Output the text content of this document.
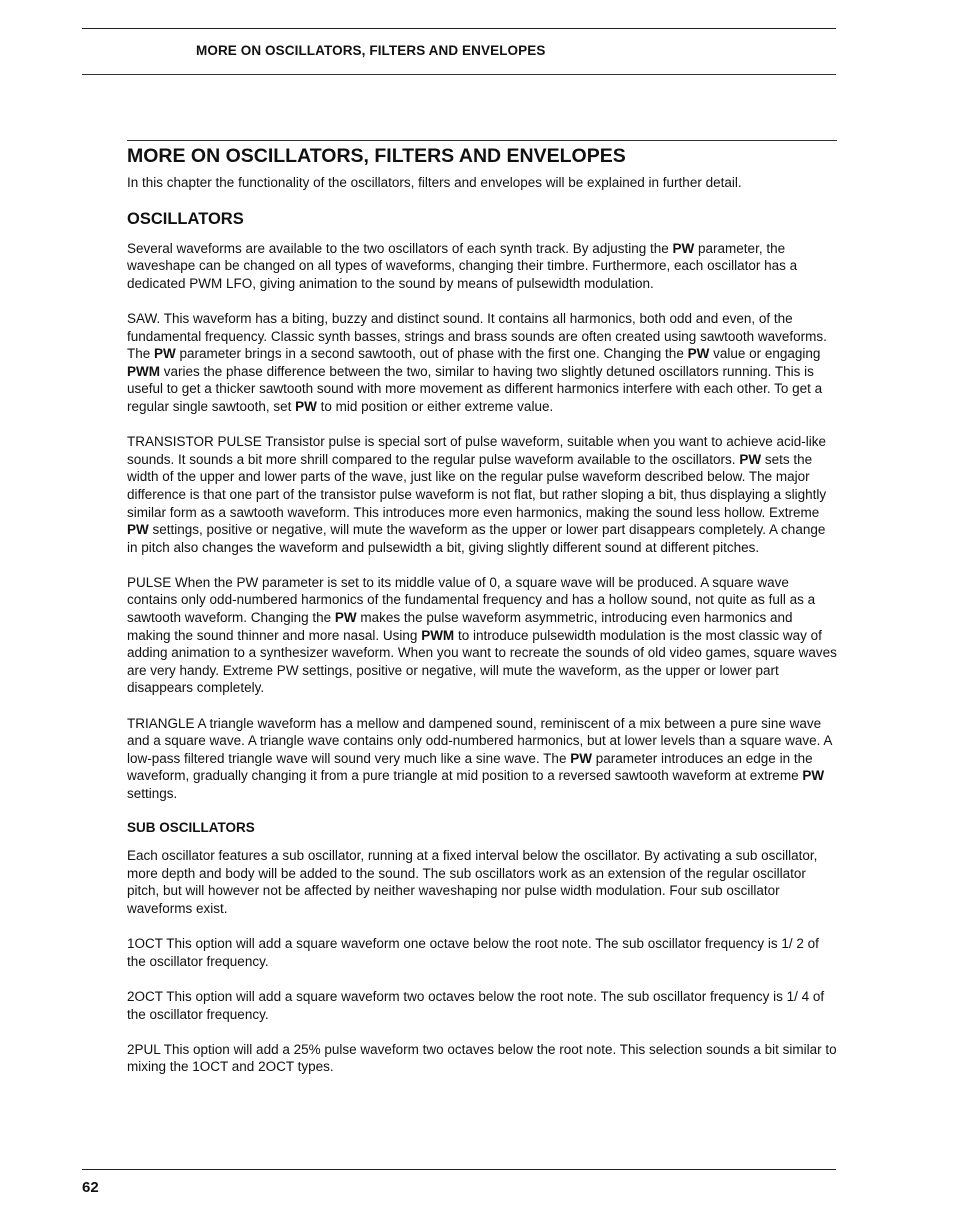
MORE ON OSCILLATORS, FILTERS AND ENVELOPES
MORE ON OSCILLATORS, FILTERS AND ENVELOPES

In this chapter the functionality of the oscillators, filters and envelopes will be explained in further detail.

OSCILLATORS

Several waveforms are available to the two oscillators of each synth track. By adjusting the PW parameter, the waveshape can be changed on all types of waveforms, changing their timbre. Furthermore, each oscillator has a dedicated PWM LFO, giving animation to the sound by means of pulsewidth modulation.

SAW. This waveform has a biting, buzzy and distinct sound. It contains all harmonics, both odd and even, of the fundamental frequency. Classic synth basses, strings and brass sounds are often created using sawtooth waveforms. The PW parameter brings in a second sawtooth, out of phase with the first one. Changing the PW value or engaging PWM varies the phase difference between the two, similar to having two slightly detuned oscillators running. This is useful to get a thicker sawtooth sound with more movement as different harmonics interfere with each other. To get a regular single sawtooth, set PW to mid position or either extreme value.

TRANSISTOR PULSE Transistor pulse is special sort of pulse waveform, suitable when you want to achieve acid-like sounds. It sounds a bit more shrill compared to the regular pulse waveform available to the oscillators. PW sets the width of the upper and lower parts of the wave, just like on the regular pulse waveform described below. The major difference is that one part of the transistor pulse waveform is not flat, but rather sloping a bit, thus displaying a slightly similar form as a sawtooth waveform. This introduces more even harmonics, making the sound less hollow. Extreme PW settings, positive or negative, will mute the waveform as the upper or lower part disappears completely. A change in pitch also changes the waveform and pulsewidth a bit, giving slightly different sound at different pitches.

PULSE When the PW parameter is set to its middle value of 0, a square wave will be produced. A square wave contains only odd-numbered harmonics of the fundamental frequency and has a hollow sound, not quite as full as a sawtooth waveform. Changing the PW makes the pulse waveform asymmetric, introducing even harmonics and making the sound thinner and more nasal. Using PWM to introduce pulsewidth modulation is the most classic way of adding animation to a synthesizer waveform. When you want to recreate the sounds of old video games, square waves are very handy. Extreme PW settings, positive or negative, will mute the waveform, as the upper or lower part disappears completely.

TRIANGLE A triangle waveform has a mellow and dampened sound, reminiscent of a mix between a pure sine wave and a square wave. A triangle wave contains only odd-numbered harmonics, but at lower levels than a square wave. A low-pass filtered triangle wave will sound very much like a sine wave. The PW parameter introduces an edge in the waveform, gradually changing it from a pure triangle at mid position to a reversed sawtooth waveform at extreme PW settings.

SUB OSCILLATORS

Each oscillator features a sub oscillator, running at a fixed interval below the oscillator. By activating a sub oscillator, more depth and body will be added to the sound. The sub oscillators work as an extension of the regular oscillator pitch, but will however not be affected by neither waveshaping nor pulse width modulation. Four sub oscillator waveforms exist.

1OCT This option will add a square waveform one octave below the root note. The sub oscillator frequency is 1/ 2 of the oscillator frequency.

2OCT This option will add a square waveform two octaves below the root note. The sub oscillator frequency is 1/ 4 of the oscillator frequency.

2PUL This option will add a 25% pulse waveform two octaves below the root note. This selection sounds a bit similar to mixing the 1OCT and 2OCT types.

62
